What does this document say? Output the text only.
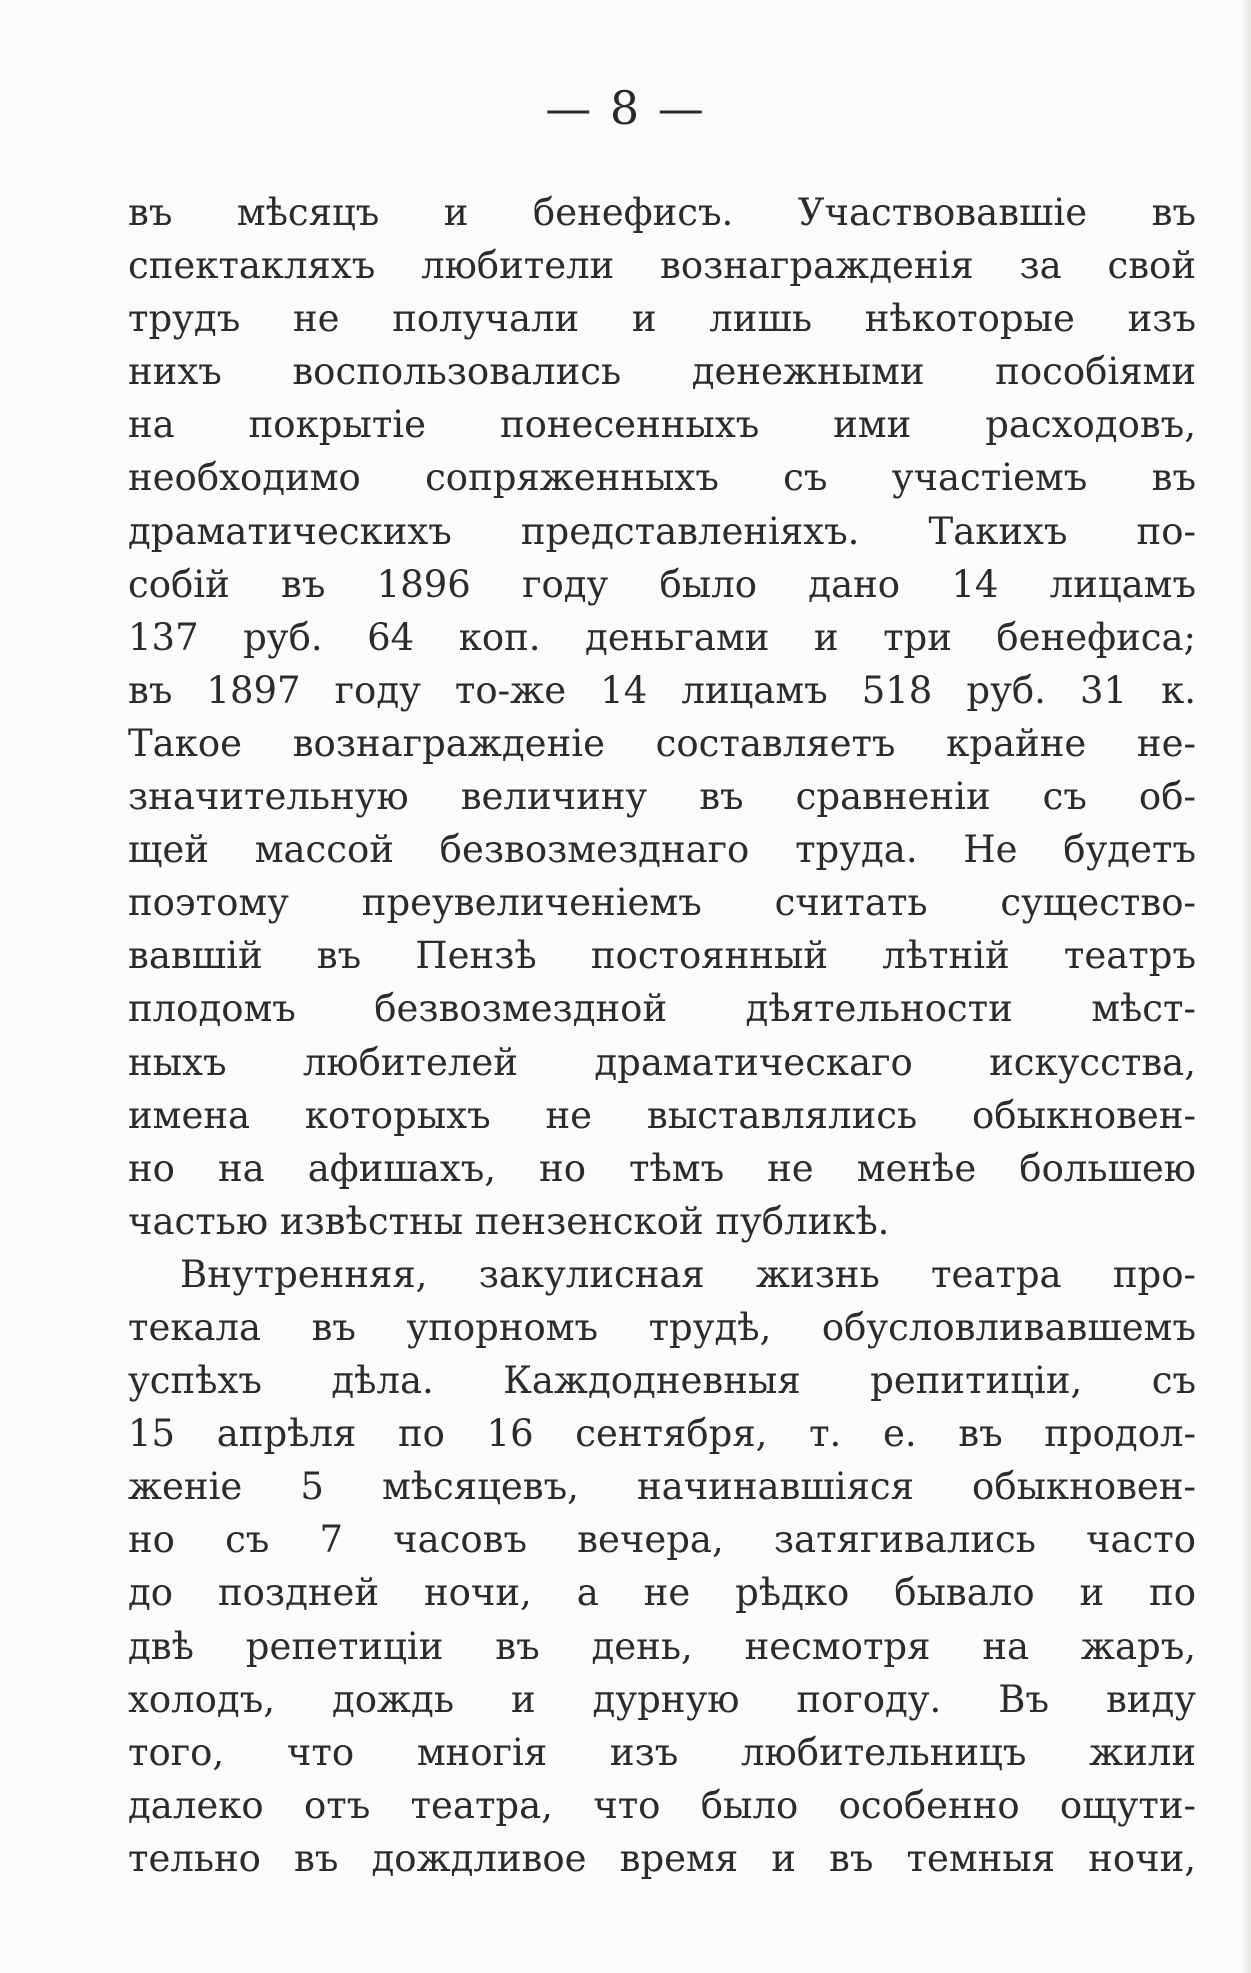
— 8 —
въ мѣсяцъ и бенефисъ. Участвовавшіе въ
спектакляхъ любители вознагражденія за свой
трудъ не получали и лишь нѣкоторые изъ
нихъ воспользовались денежными пособіями
на покрытіе понесенныхъ ими расходовъ,
необходимо сопряженныхъ съ участіемъ въ
драматическихъ представленіяхъ. Такихъ по-
собій въ 1896 году было дано 14 лицамъ
137 руб. 64 коп. деньгами и три бенефиса;
въ 1897 году то-же 14 лицамъ 518 руб. 31 к.
Такое вознагражденіе составляетъ крайне не-
значительную величину въ сравненіи съ об-
щей массой безвозмезднаго труда. Не будетъ
поэтому преувеличеніемъ считать существо-
вавшій въ Пензѣ постоянный лѣтній театръ
плодомъ безвозмездной дѣятельности мѣст-
ныхъ любителей драматическаго искусства,
имена которыхъ не выставлялись обыкновен-
но на афишахъ, но тѣмъ не менѣе большею
частью извѣстны пензенской публикѣ.
Внутренняя, закулисная жизнь театра про-
текала въ упорномъ трудѣ, обусловливавшемъ
успѣхъ дѣла. Каждодневныя репитиціи, съ
15 апрѣля по 16 сентября, т. е. въ продол-
женіе 5 мѣсяцевъ, начинавшіяся обыкновен-
но съ 7 часовъ вечера, затягивались часто
до поздней ночи, а не рѣдко бывало и по
двѣ репетиціи въ день, несмотря на жаръ,
холодъ, дождь и дурную погоду. Въ виду
того, что многія изъ любительницъ жили
далеко отъ театра, что было особенно ощути-
тельно въ дождливое время и въ темныя ночи,
